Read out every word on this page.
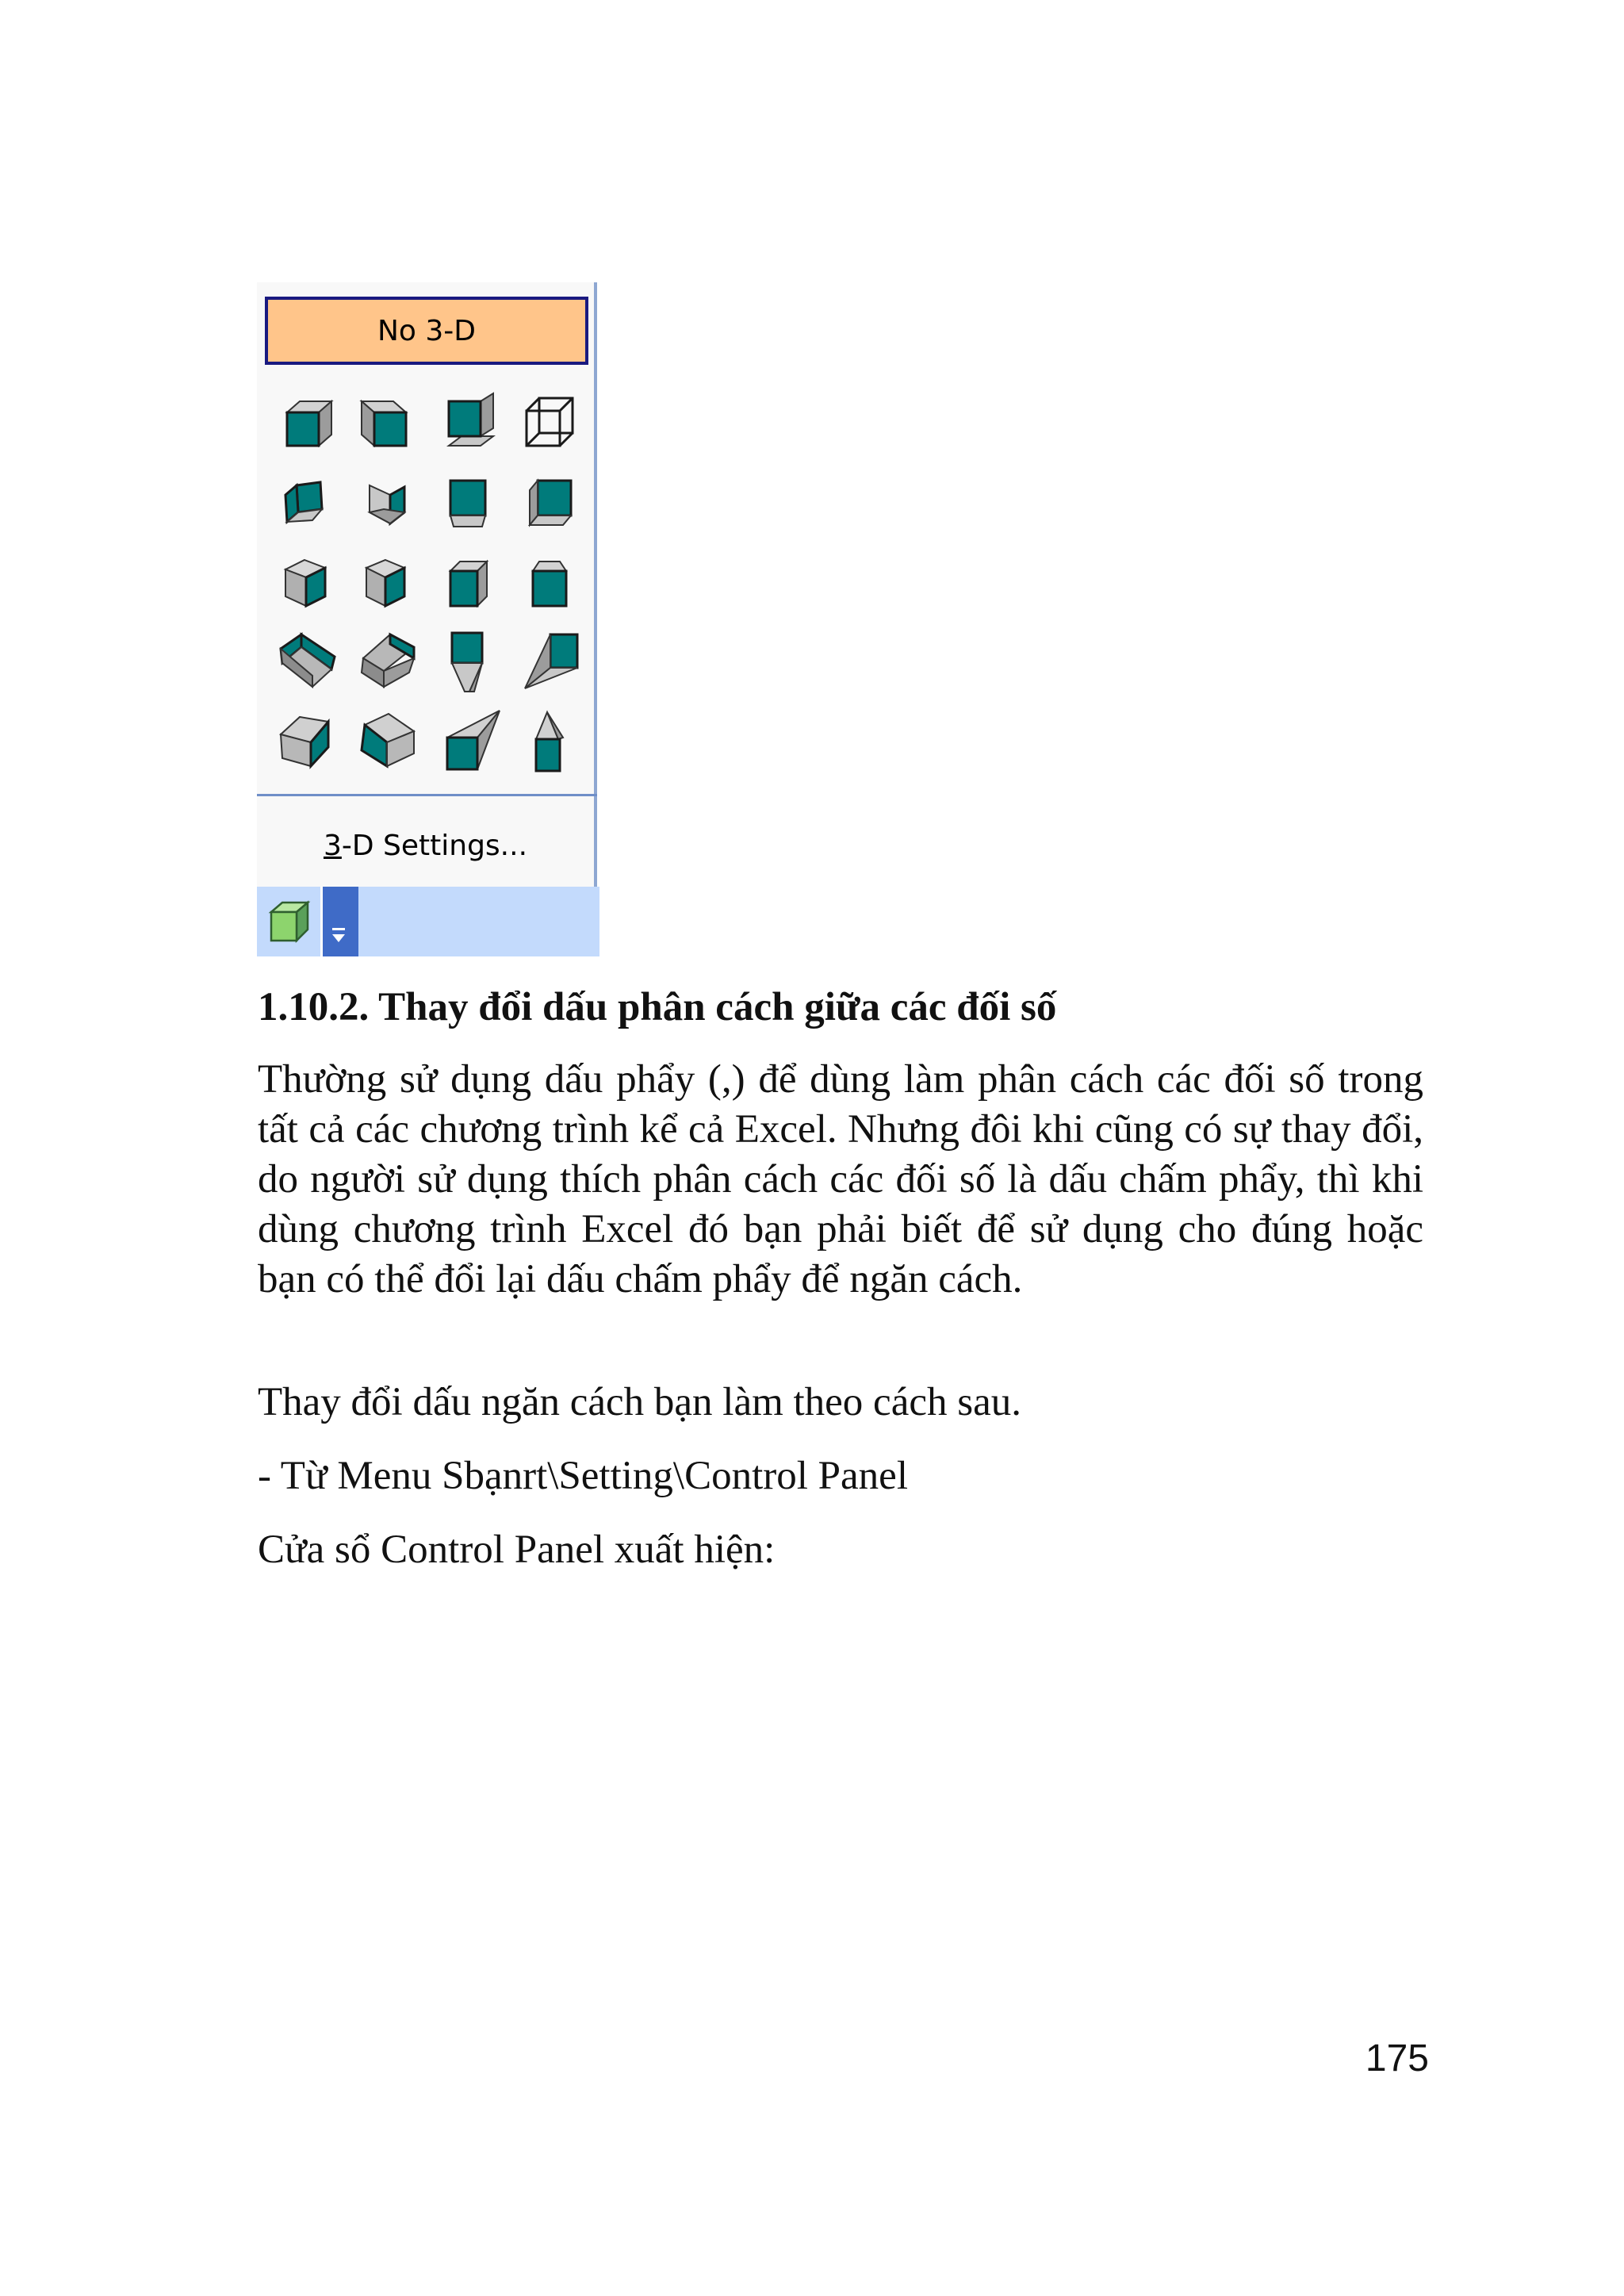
No 3-D
3 -D Settings...
1.10.2. Thay đổi dấu phân cách giữa các đối số

Thường sử dụng dấu phẩy (,) để dùng làm phân cách các đối số trong tất cả các chương trình kể cả Excel. Nhưng đôi khi cũng có sự thay đổi, do người sử dụng thích phân cách các đối số là dấu chấm phẩy, thì khi dùng chương trình Excel đó bạn phải biết để sử dụng cho đúng hoặc bạn có thể đổi lại dấu chấm phẩy để ngăn cách.

Thay đổi dấu ngăn cách bạn làm theo cách sau.

- Từ Menu Sbạnrt\Setting\Control Panel

Cửa sổ Control Panel xuất hiện:

175
